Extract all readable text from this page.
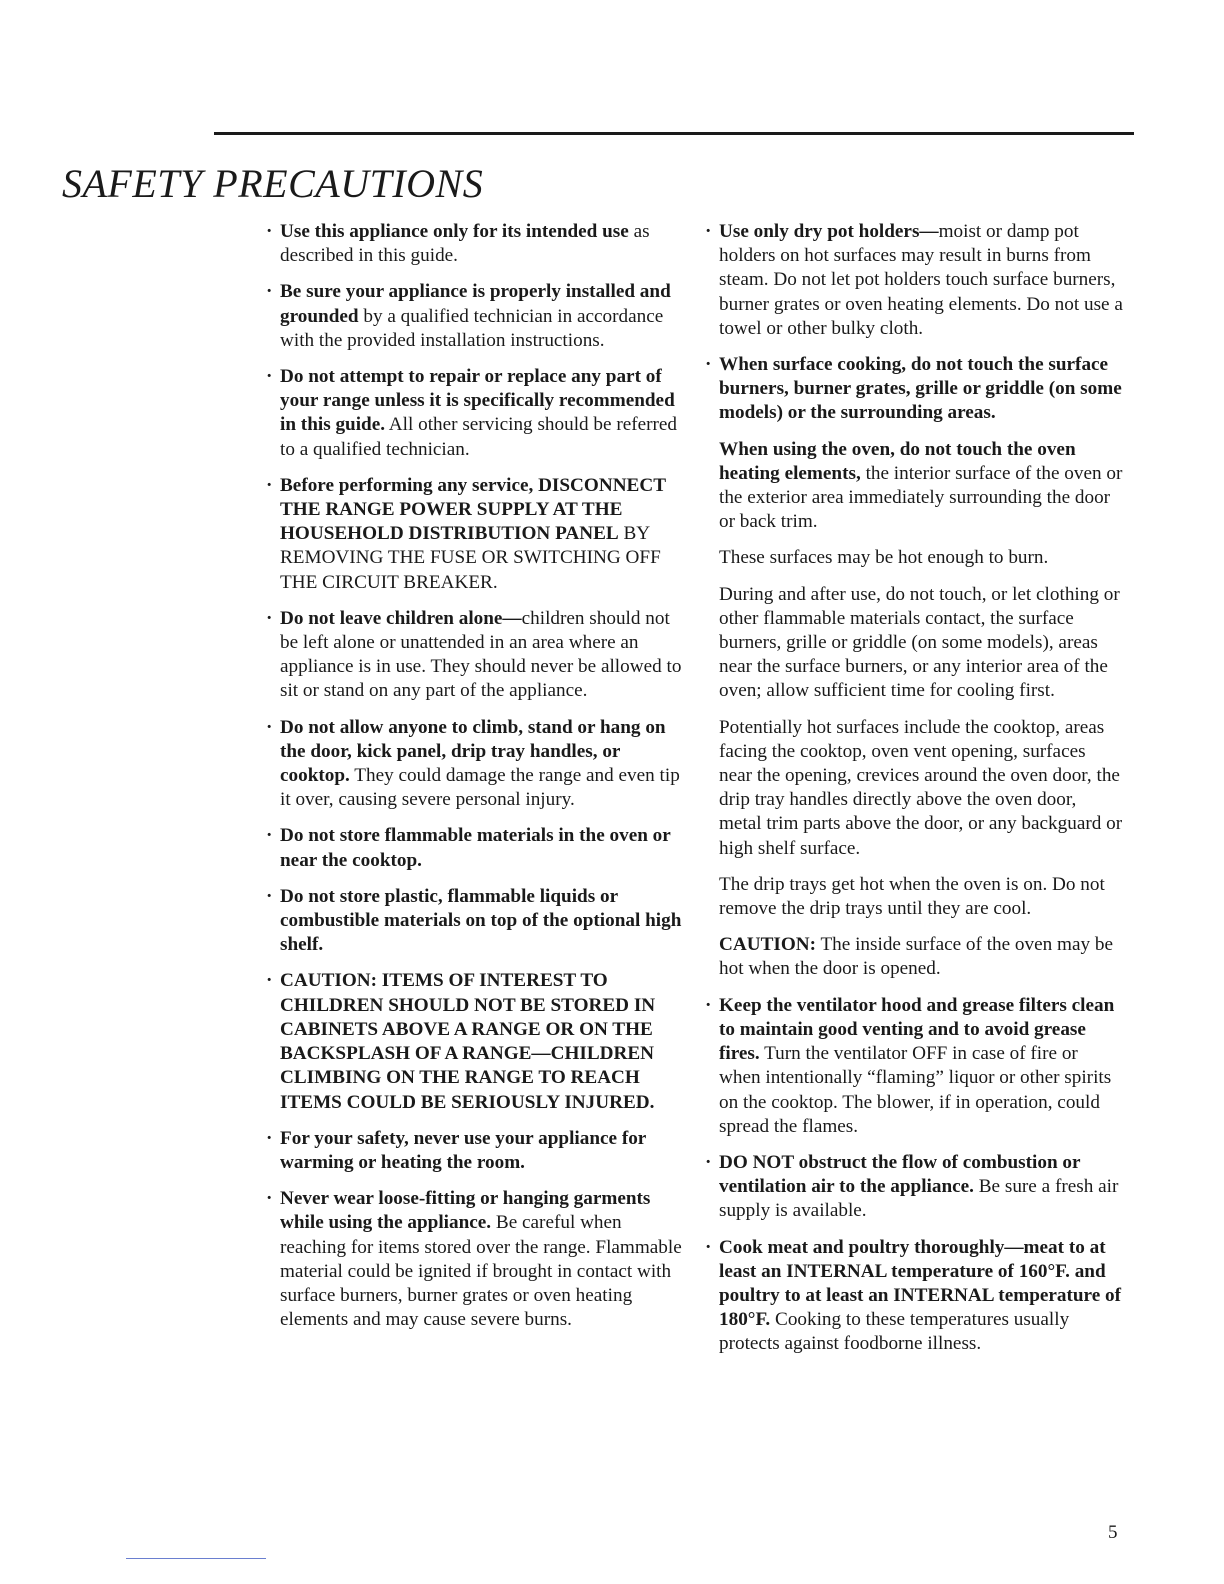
SAFETY PRECAUTIONS

· Use this appliance only for its intended use as described in this guide.

· Be sure your appliance is properly installed and grounded by a qualified technician in accordance with the provided installation instructions.

· Do not attempt to repair or replace any part of your range unless it is specifically recommended in this guide. All other servicing should be referred to a qualified technician.

· Before performing any service, DISCONNECT THE RANGE POWER SUPPLY AT THE HOUSEHOLD DISTRIBUTION PANEL BY REMOVING THE FUSE OR SWITCHING OFF THE CIRCUIT BREAKER.

· Do not leave children alone—children should not be left alone or unattended in an area where an appliance is in use. They should never be allowed to sit or stand on any part of the appliance.

· Do not allow anyone to climb, stand or hang on the door, kick panel, drip tray handles, or cooktop. They could damage the range and even tip it over, causing severe personal injury.

· Do not store flammable materials in the oven or near the cooktop.

· Do not store plastic, flammable liquids or combustible materials on top of the optional high shelf.

· CAUTION: ITEMS OF INTEREST TO CHILDREN SHOULD NOT BE STORED IN CABINETS ABOVE A RANGE OR ON THE BACKSPLASH OF A RANGE—CHILDREN CLIMBING ON THE RANGE TO REACH ITEMS COULD BE SERIOUSLY INJURED.

· For your safety, never use your appliance for warming or heating the room.

· Never wear loose-fitting or hanging garments while using the appliance. Be careful when reaching for items stored over the range. Flammable material could be ignited if brought in contact with surface burners, burner grates or oven heating elements and may cause severe burns.

· Use only dry pot holders—moist or damp pot holders on hot surfaces may result in burns from steam. Do not let pot holders touch surface burners, burner grates or oven heating elements. Do not use a towel or other bulky cloth.

· When surface cooking, do not touch the surface burners, burner grates, grille or griddle (on some models) or the surrounding areas.

When using the oven, do not touch the oven heating elements, the interior surface of the oven or the exterior area immediately surrounding the door or back trim.

These surfaces may be hot enough to burn.

During and after use, do not touch, or let clothing or other flammable materials contact, the surface burners, grille or griddle (on some models), areas near the surface burners, or any interior area of the oven; allow sufficient time for cooling first.

Potentially hot surfaces include the cooktop, areas facing the cooktop, oven vent opening, surfaces near the opening, crevices around the oven door, the drip tray handles directly above the oven door, metal trim parts above the door, or any backguard or high shelf surface.

The drip trays get hot when the oven is on. Do not remove the drip trays until they are cool.

CAUTION: The inside surface of the oven may be hot when the door is opened.

· Keep the ventilator hood and grease filters clean to maintain good venting and to avoid grease fires. Turn the ventilator OFF in case of fire or when intentionally “flaming” liquor or other spirits on the cooktop. The blower, if in operation, could spread the flames.

· DO NOT obstruct the flow of combustion or ventilation air to the appliance. Be sure a fresh air supply is available.

· Cook meat and poultry thoroughly—meat to at least an INTERNAL temperature of 160°F. and poultry to at least an INTERNAL temperature of 180°F. Cooking to these temperatures usually protects against foodborne illness.

5
